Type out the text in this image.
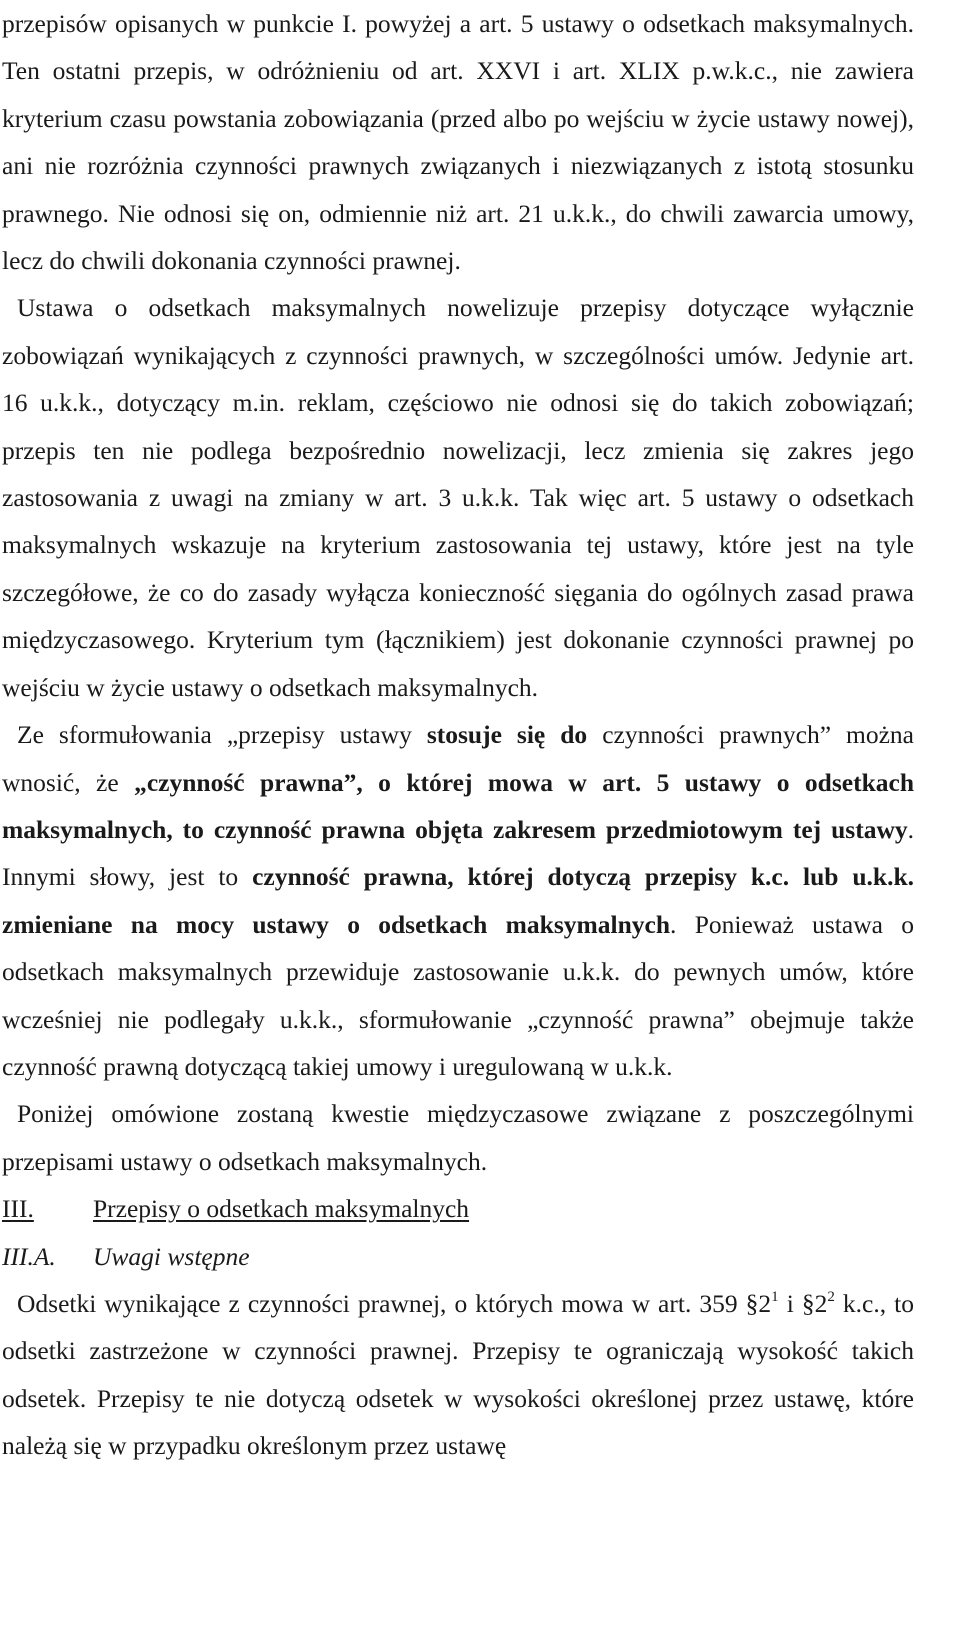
przepisów opisanych w punkcie I. powyżej a art. 5 ustawy o odsetkach maksymalnych. Ten ostatni przepis, w odróżnieniu od art. XXVI i art. XLIX p.w.k.c., nie zawiera kryterium czasu powstania zobowiązania (przed albo po wejściu w życie ustawy nowej), ani nie rozróżnia czynności prawnych związanych i niezwiązanych z istotą stosunku prawnego. Nie odnosi się on, odmiennie niż art. 21 u.k.k., do chwili zawarcia umowy, lecz do chwili dokonania czynności prawnej.

Ustawa o odsetkach maksymalnych nowelizuje przepisy dotyczące wyłącznie zobowiązań wynikających z czynności prawnych, w szczególności umów. Jedynie art. 16 u.k.k., dotyczący m.in. reklam, częściowo nie odnosi się do takich zobowiązań; przepis ten nie podlega bezpośrednio nowelizacji, lecz zmienia się zakres jego zastosowania z uwagi na zmiany w art. 3 u.k.k. Tak więc art. 5 ustawy o odsetkach maksymalnych wskazuje na kryterium zastosowania tej ustawy, które jest na tyle szczegółowe, że co do zasady wyłącza konieczność sięgania do ogólnych zasad prawa międzyczasowego. Kryterium tym (łącznikiem) jest dokonanie czynności prawnej po wejściu w życie ustawy o odsetkach maksymalnych.

Ze sformułowania „przepisy ustawy stosuje się do czynności prawnych” można wnosić, że „czynność prawna”, o której mowa w art. 5 ustawy o odsetkach maksymalnych, to czynność prawna objęta zakresem przedmiotowym tej ustawy. Innymi słowy, jest to czynność prawna, której dotyczą przepisy k.c. lub u.k.k. zmieniane na mocy ustawy o odsetkach maksymalnych. Ponieważ ustawa o odsetkach maksymalnych przewiduje zastosowanie u.k.k. do pewnych umów, które wcześniej nie podlegały u.k.k., sformułowanie „czynność prawna” obejmuje także czynność prawną dotyczącą takiej umowy i uregulowaną w u.k.k.

Poniżej omówione zostaną kwestie międzyczasowe związane z poszczególnymi przepisami ustawy o odsetkach maksymalnych.

III.	Przepisy o odsetkach maksymalnych
III.A.	Uwagi wstępne

Odsetki wynikające z czynności prawnej, o których mowa w art. 359 $\S 2^1$ i $\S 2^2$ k.c., to odsetki zastrzeżone w czynności prawnej. Przepisy te ograniczają wysokość takich odsetek. Przepisy te nie dotyczą odsetek w wysokości określonej przez ustawę, które należą się w przypadku określonym przez ustawę
